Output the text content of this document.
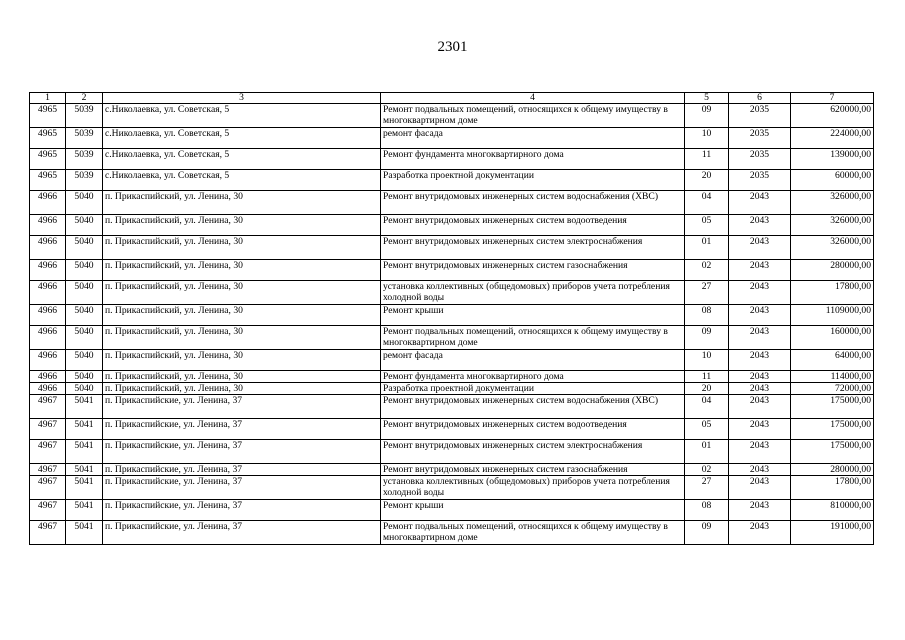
2301
1	2	3	4	5	6	7
4965	5039	с.Николаевка, ул. Советская, 5	Ремонт подвальных помещений, относящихся к общему имуществу в многоквартирном доме	09	2035	620000,00
4965	5039	с.Николаевка, ул. Советская, 5	ремонт фасада	10	2035	224000,00
4965	5039	с.Николаевка, ул. Советская, 5	Ремонт фундамента многоквартирного дома	11	2035	139000,00
4965	5039	с.Николаевка, ул. Советская, 5	Разработка проектной документации	20	2035	60000,00
4966	5040	п. Прикаспийский, ул. Ленина, 30	Ремонт внутридомовых инженерных систем водоснабжения (ХВС)	04	2043	326000,00
4966	5040	п. Прикаспийский, ул. Ленина, 30	Ремонт внутридомовых инженерных систем водоотведения	05	2043	326000,00
4966	5040	п. Прикаспийский, ул. Ленина, 30	Ремонт внутридомовых инженерных систем электроснабжения	01	2043	326000,00
4966	5040	п. Прикаспийский, ул. Ленина, 30	Ремонт внутридомовых инженерных систем газоснабжения	02	2043	280000,00
4966	5040	п. Прикаспийский, ул. Ленина, 30	установка коллективных (общедомовых) приборов учета потребления холодной воды	27	2043	17800,00
4966	5040	п. Прикаспийский, ул. Ленина, 30	Ремонт крыши	08	2043	1109000,00
4966	5040	п. Прикаспийский, ул. Ленина, 30	Ремонт подвальных помещений, относящихся к общему имуществу в многоквартирном доме	09	2043	160000,00
4966	5040	п. Прикаспийский, ул. Ленина, 30	ремонт фасада	10	2043	64000,00
4966	5040	п. Прикаспийский, ул. Ленина, 30	Ремонт фундамента многоквартирного дома	11	2043	114000,00
4966	5040	п. Прикаспийский, ул. Ленина, 30	Разработка проектной документации	20	2043	72000,00
4967	5041	п. Прикаспийские, ул. Ленина, 37	Ремонт внутридомовых инженерных систем водоснабжения (ХВС)	04	2043	175000,00
4967	5041	п. Прикаспийские, ул. Ленина, 37	Ремонт внутридомовых инженерных систем водоотведения	05	2043	175000,00
4967	5041	п. Прикаспийские, ул. Ленина, 37	Ремонт внутридомовых инженерных систем электроснабжения	01	2043	175000,00
4967	5041	п. Прикаспийские, ул. Ленина, 37	Ремонт внутридомовых инженерных систем газоснабжения	02	2043	280000,00
4967	5041	п. Прикаспийские, ул. Ленина, 37	установка коллективных (общедомовых) приборов учета потребления холодной воды	27	2043	17800,00
4967	5041	п. Прикаспийские, ул. Ленина, 37	Ремонт крыши	08	2043	810000,00
4967	5041	п. Прикаспийские, ул. Ленина, 37	Ремонт подвальных помещений, относящихся к общему имуществу в многоквартирном доме	09	2043	191000,00
